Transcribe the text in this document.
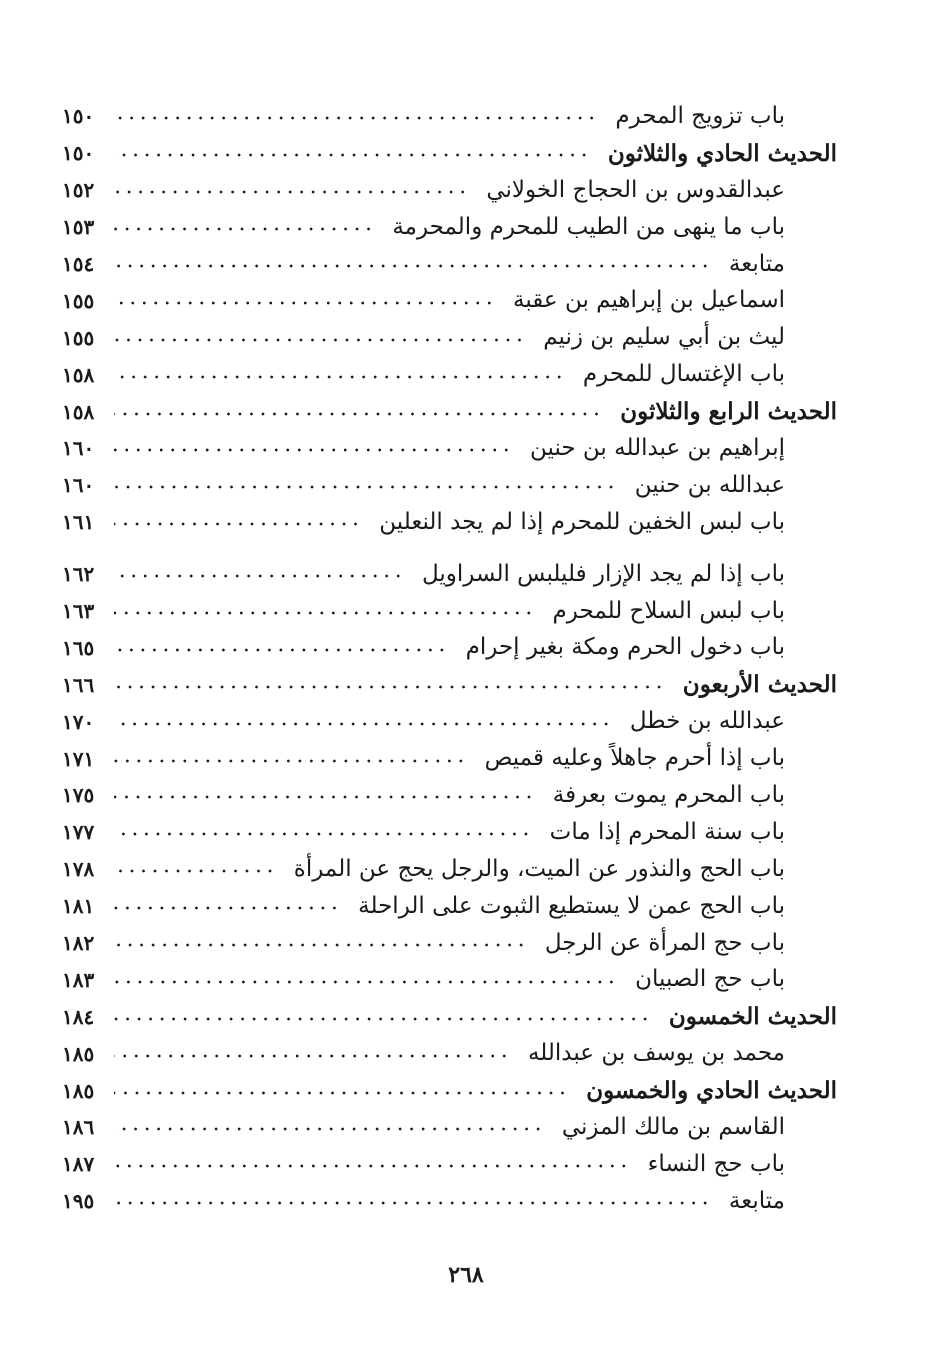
باب تزويج المحرم
١٥٠
الحديث الحادي والثلاثون
١٥٠
عبدالقدوس بن الحجاج الخولاني
١٥٢
باب ما ينهى من الطيب للمحرم والمحرمة
١٥٣
متابعة
١٥٤
اسماعيل بن إبراهيم بن عقبة
١٥٥
ليث بن أبي سليم بن زنيم
١٥٥
باب الإغتسال للمحرم
١٥٨
الحديث الرابع والثلاثون
١٥٨
إبراهيم بن عبدالله بن حنين
١٦٠
عبدالله بن حنين
١٦٠
باب لبس الخفين للمحرم إذا لم يجد النعلين
١٦١
باب إذا لم يجد الإزار فليلبس السراويل
١٦٢
باب لبس السلاح للمحرم
١٦٣
باب دخول الحرم ومكة بغير إحرام
١٦٥
الحديث الأربعون
١٦٦
عبدالله بن خطل
١٧٠
باب إذا أحرم جاهلاً وعليه قميص
١٧١
باب المحرم يموت بعرفة
١٧٥
باب سنة المحرم إذا مات
١٧٧
باب الحج والنذور عن الميت، والرجل يحج عن المرأة
١٧٨
باب الحج عمن لا يستطيع الثبوت على الراحلة
١٨١
باب حج المرأة عن الرجل
١٨٢
باب حج الصبيان
١٨٣
الحديث الخمسون
١٨٤
محمد بن يوسف بن عبدالله
١٨٥
الحديث الحادي والخمسون
١٨٥
القاسم بن مالك المزني
١٨٦
باب حج النساء
١٨٧
متابعة
١٩٥
٢٦٨
